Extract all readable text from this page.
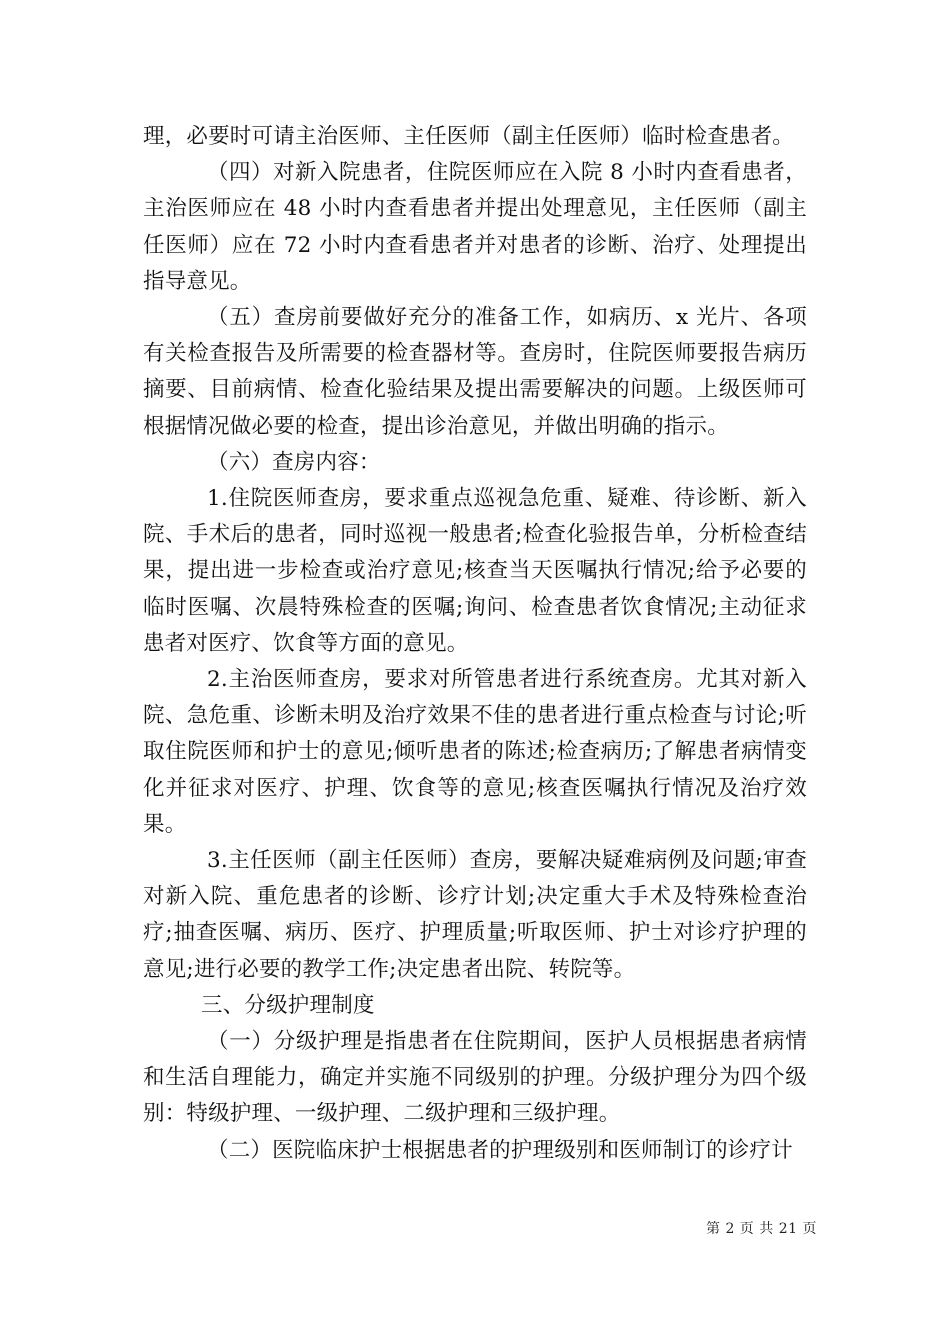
理，必要时可请主治医师、主任医师（副主任医师）临时检查患者。

（四）对新入院患者，住院医师应在入院 8 小时内查看患者，主治医师应在 48 小时内查看患者并提出处理意见，主任医师（副主任医师）应在 72 小时内查看患者并对患者的诊断、治疗、处理提出指导意见。

（五）查房前要做好充分的准备工作，如病历、x 光片、各项有关检查报告及所需要的检查器材等。查房时，住院医师要报告病历摘要、目前病情、检查化验结果及提出需要解决的问题。上级医师可根据情况做必要的检查，提出诊治意见，并做出明确的指示。

（六）查房内容：

1.住院医师查房，要求重点巡视急危重、疑难、待诊断、新入院、手术后的患者，同时巡视一般患者;检查化验报告单，分析检查结果，提出进一步检查或治疗意见;核查当天医嘱执行情况;给予必要的临时医嘱、次晨特殊检查的医嘱;询问、检查患者饮食情况;主动征求患者对医疗、饮食等方面的意见。

2.主治医师查房，要求对所管患者进行系统查房。尤其对新入院、急危重、诊断未明及治疗效果不佳的患者进行重点检查与讨论;听取住院医师和护士的意见;倾听患者的陈述;检查病历;了解患者病情变化并征求对医疗、护理、饮食等的意见;核查医嘱执行情况及治疗效果。

3.主任医师（副主任医师）查房，要解决疑难病例及问题;审查对新入院、重危患者的诊断、诊疗计划;决定重大手术及特殊检查治疗;抽查医嘱、病历、医疗、护理质量;听取医师、护士对诊疗护理的意见;进行必要的教学工作;决定患者出院、转院等。

三、分级护理制度

（一）分级护理是指患者在住院期间，医护人员根据患者病情和生活自理能力，确定并实施不同级别的护理。分级护理分为四个级别：特级护理、一级护理、二级护理和三级护理。

（二）医院临床护士根据患者的护理级别和医师制订的诊疗计

第 2 页 共 21 页
